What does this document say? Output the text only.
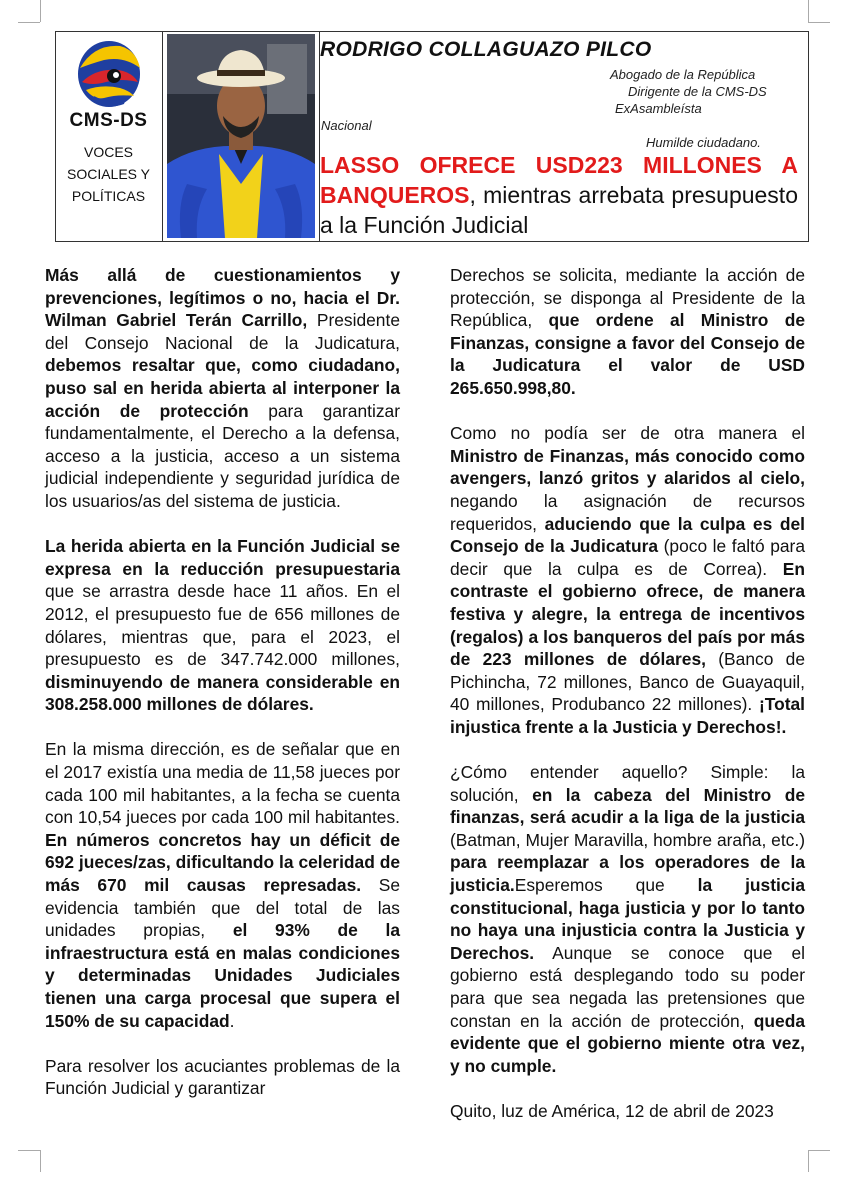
CMS-DS
VOCES
SOCIALES Y
POLÍTICAS
RODRIGO COLLAGUAZO PILCO
Abogado de la República
Dirigente de la CMS-DS
ExAsambleísta
Nacional
Humilde ciudadano.
LASSO OFRECE USD223 MILLONES A BANQUEROS, mientras arrebata presupuesto a la Función Judicial

Más allá de cuestionamientos y prevenciones, legítimos o no, hacia el Dr. Wilman Gabriel Terán Carrillo, Presidente del Consejo Nacional de la Judicatura, debemos resaltar que, como ciudadano, puso sal en herida abierta al interponer la acción de protección para garantizar fundamentalmente, el Derecho a la defensa, acceso a la justicia, acceso a un sistema judicial independiente y seguridad jurídica de los usuarios/as del sistema de justicia.

La herida abierta en la Función Judicial se expresa en la reducción presupuestaria que se arrastra desde hace 11 años. En el 2012, el presupuesto fue de 656 millones de dólares, mientras que, para el 2023, el presupuesto es de 347.742.000 millones, disminuyendo de manera considerable en 308.258.000 millones de dólares.

En la misma dirección, es de señalar que en el 2017 existía una media de 11,58 jueces por cada 100 mil habitantes, a la fecha se cuenta con 10,54 jueces por cada 100 mil habitantes. En números concretos hay un déficit de 692 jueces/zas, dificultando la celeridad de más 670 mil causas represadas. Se evidencia también que del total de las unidades propias, el 93% de la infraestructura está en malas condiciones y determinadas Unidades Judiciales tienen una carga procesal que supera el 150% de su capacidad.

Para resolver los acuciantes problemas de la Función Judicial y garantizar

Derechos se solicita, mediante la acción de protección, se disponga al Presidente de la República, que ordene al Ministro de Finanzas, consigne a favor del Consejo de la Judicatura el valor de USD 265.650.998,80.

Como no podía ser de otra manera el Ministro de Finanzas, más conocido como avengers, lanzó gritos y alaridos al cielo, negando la asignación de recursos requeridos, aduciendo que la culpa es del Consejo de la Judicatura (poco le faltó para decir que la culpa es de Correa). En contraste el gobierno ofrece, de manera festiva y alegre, la entrega de incentivos (regalos) a los banqueros del país por más de 223 millones de dólares, (Banco de Pichincha, 72 millones, Banco de Guayaquil, 40 millones, Produbanco 22 millones). ¡Total injustica frente a la Justicia y Derechos!.

¿Cómo entender aquello? Simple: la solución, en la cabeza del Ministro de finanzas, será acudir a la liga de la justicia (Batman, Mujer Maravilla, hombre araña, etc.) para reemplazar a los operadores de la justicia.Esperemos que la justicia constitucional, haga justicia y por lo tanto no haya una injusticia contra la Justicia y Derechos. Aunque se conoce que el gobierno está desplegando todo su poder para que sea negada las pretensiones que constan en la acción de protección, queda evidente que el gobierno miente otra vez, y no cumple.

Quito, luz de América, 12 de abril de 2023
